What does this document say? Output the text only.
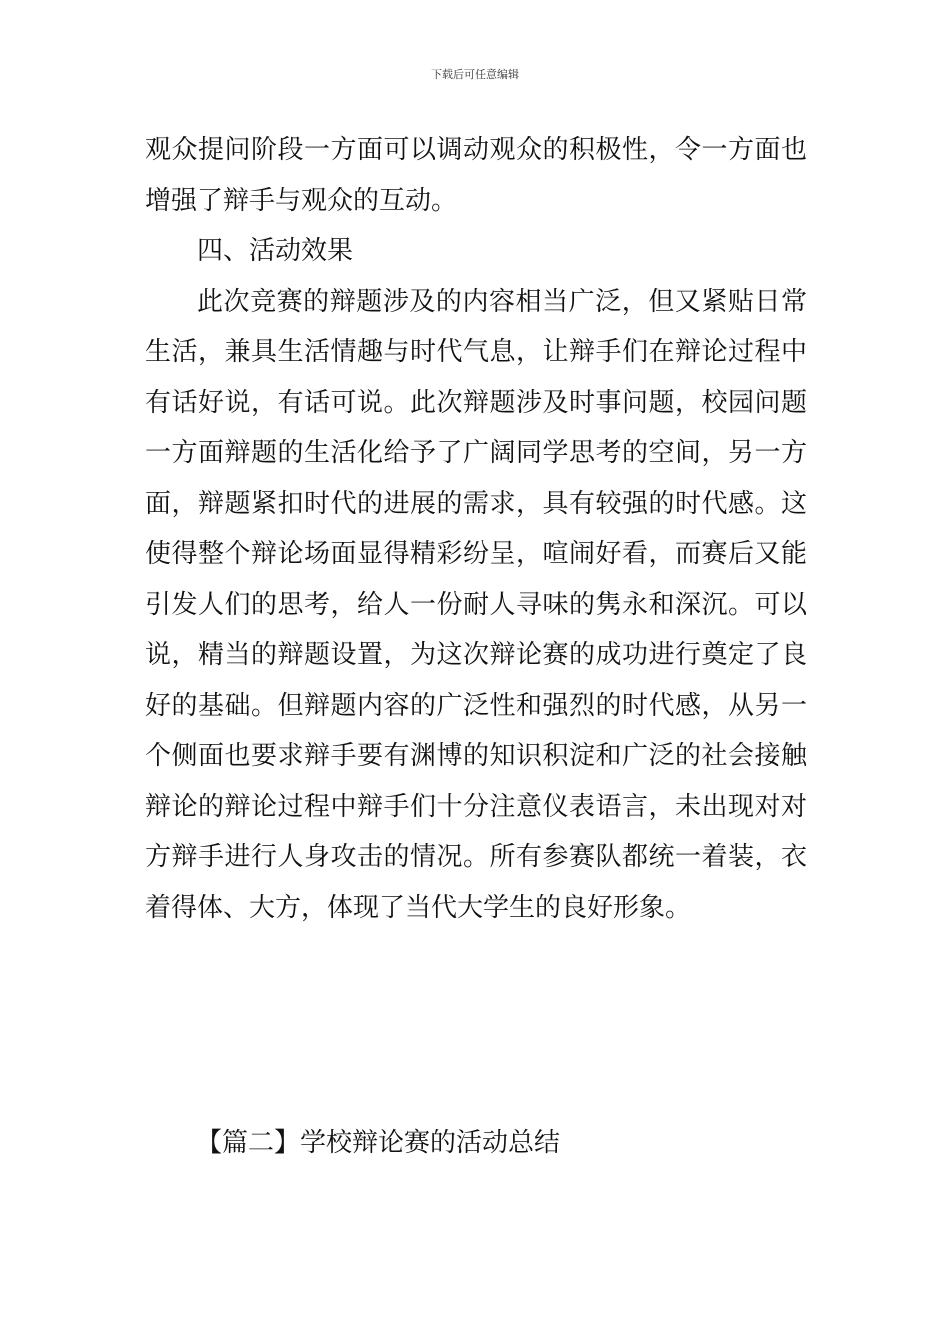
下载后可任意编辑
观众提问阶段一方面可以调动观众的积极性，令一方面也
增强了辩手与观众的互动。
四、活动效果
此次竞赛的辩题涉及的内容相当广泛，但又紧贴日常
生活，兼具生活情趣与时代气息，让辩手们在辩论过程中
有话好说，有话可说。此次辩题涉及时事问题，校园问题
一方面辩题的生活化给予了广阔同学思考的空间，另一方
面，辩题紧扣时代的进展的需求，具有较强的时代感。这
使得整个辩论场面显得精彩纷呈，喧闹好看，而赛后又能
引发人们的思考，给人一份耐人寻味的隽永和深沉。可以
说，精当的辩题设置，为这次辩论赛的成功进行奠定了良
好的基础。但辩题内容的广泛性和强烈的时代感，从另一
个侧面也要求辩手要有渊博的知识积淀和广泛的社会接触
辩论的辩论过程中辩手们十分注意仪表语言，未出现对对
方辩手进行人身攻击的情况。所有参赛队都统一着装，衣
着得体、大方，体现了当代大学生的良好形象。
【篇二】学校辩论赛的活动总结
